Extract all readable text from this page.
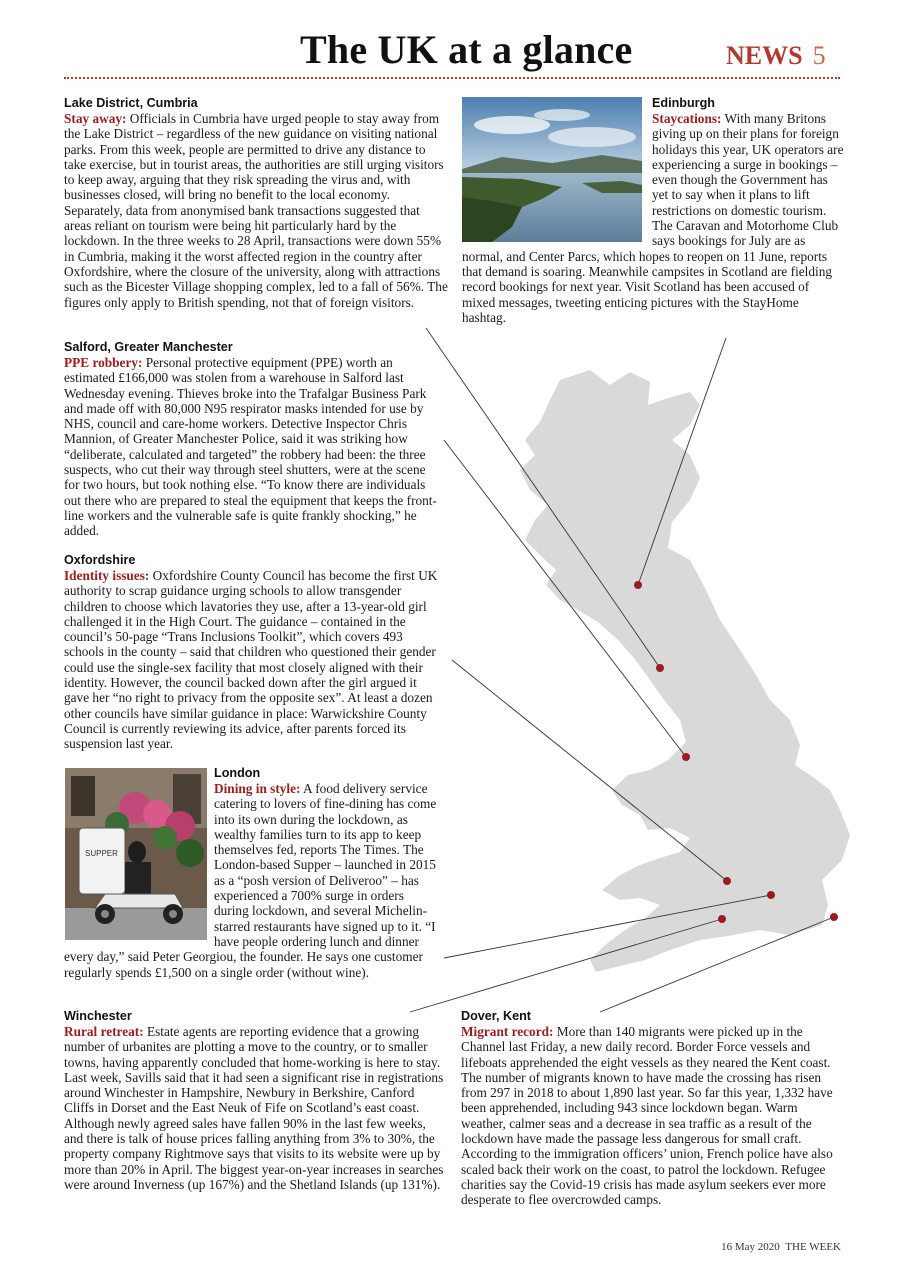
The UK at a glance	NEWS 5
Lake District, Cumbria

Stay away: Officials in Cumbria have urged people to stay away from the Lake District – regardless of the new guidance on visiting national parks. From this week, people are permitted to drive any distance to take exercise, but in tourist areas, the authorities are still urging visitors to keep away, arguing that they risk spreading the virus and, with businesses closed, will bring no benefit to the local economy. Separately, data from anonymised bank transactions suggested that areas reliant on tourism were being hit particularly hard by the lockdown. In the three weeks to 28 April, transactions were down 55% in Cumbria, making it the worst affected region in the country after Oxfordshire, where the closure of the university, along with attractions such as the Bicester Village shopping complex, led to a fall of 56%. The figures only apply to British spending, not that of foreign visitors.

Edinburgh

Staycations: With many Britons giving up on their plans for foreign holidays this year, UK operators are experiencing a surge in bookings – even though the Government has yet to say when it plans to lift restrictions on domestic tourism. The Caravan and Motorhome Club says bookings for July are as normal, and Center Parcs, which hopes to reopen on 11 June, reports that demand is soaring. Meanwhile campsites in Scotland are fielding record bookings for next year. Visit Scotland has been accused of mixed messages, tweeting enticing pictures with the StayHome hashtag.

Salford, Greater Manchester

PPE robbery: Personal protective equipment (PPE) worth an estimated £166,000 was stolen from a warehouse in Salford last Wednesday evening. Thieves broke into the Trafalgar Business Park and made off with 80,000 N95 respirator masks intended for use by NHS, council and care-home workers. Detective Inspector Chris Mannion, of Greater Manchester Police, said it was striking how “deliberate, calculated and targeted” the robbery had been: the three suspects, who cut their way through steel shutters, were at the scene for two hours, but took nothing else. “To know there are individuals out there who are prepared to steal the equipment that keeps the front-line workers and the vulnerable safe is quite frankly shocking,” he added.

Oxfordshire

Identity issues: Oxfordshire County Council has become the first UK authority to scrap guidance urging schools to allow transgender children to choose which lavatories they use, after a 13-year-old girl challenged it in the High Court. The guidance – contained in the council’s 50-page “Trans Inclusions Toolkit”, which covers 493 schools in the county – said that children who questioned their gender could use the single-sex facility that most closely aligned with their identity. However, the council backed down after the girl argued it gave her “no right to privacy from the opposite sex”. At least a dozen other councils have similar guidance in place: Warwickshire County Council is currently reviewing its advice, after parents forced its suspension last year.

SUPPER
London

Dining in style: A food delivery service catering to lovers of fine-dining has come into its own during the lockdown, as wealthy families turn to its app to keep themselves fed, reports The Times. The London-based Supper – launched in 2015 as a “posh version of Deliveroo” – has experienced a 700% surge in orders during lockdown, and several Michelin-starred restaurants have signed up to it. “I have people ordering lunch and dinner every day,” said Peter Georgiou, the founder. He says one customer regularly spends £1,500 on a single order (without wine).

Winchester

Rural retreat: Estate agents are reporting evidence that a growing number of urbanites are plotting a move to the country, or to smaller towns, having apparently concluded that home-working is here to stay. Last week, Savills said that it had seen a significant rise in registrations around Winchester in Hampshire, Newbury in Berkshire, Canford Cliffs in Dorset and the East Neuk of Fife on Scotland’s east coast. Although newly agreed sales have fallen 90% in the last few weeks, and there is talk of house prices falling anything from 3% to 30%, the property company Rightmove says that visits to its website were up by more than 20% in April. The biggest year-on-year increases in searches were around Inverness (up 167%) and the Shetland Islands (up 131%).

Dover, Kent

Migrant record: More than 140 migrants were picked up in the Channel last Friday, a new daily record. Border Force vessels and lifeboats apprehended the eight vessels as they neared the Kent coast. The number of migrants known to have made the crossing has risen from 297 in 2018 to about 1,890 last year. So far this year, 1,332 have been apprehended, including 943 since lockdown began. Warm weather, calmer seas and a decrease in sea traffic as a result of the lockdown have made the passage less dangerous for small craft. According to the immigration officers’ union, French police have also scaled back their work on the coast, to patrol the lockdown. Refugee charities say the Covid-19 crisis has made asylum seekers ever more desperate to flee overcrowded camps.

16 May 2020 THE WEEK
